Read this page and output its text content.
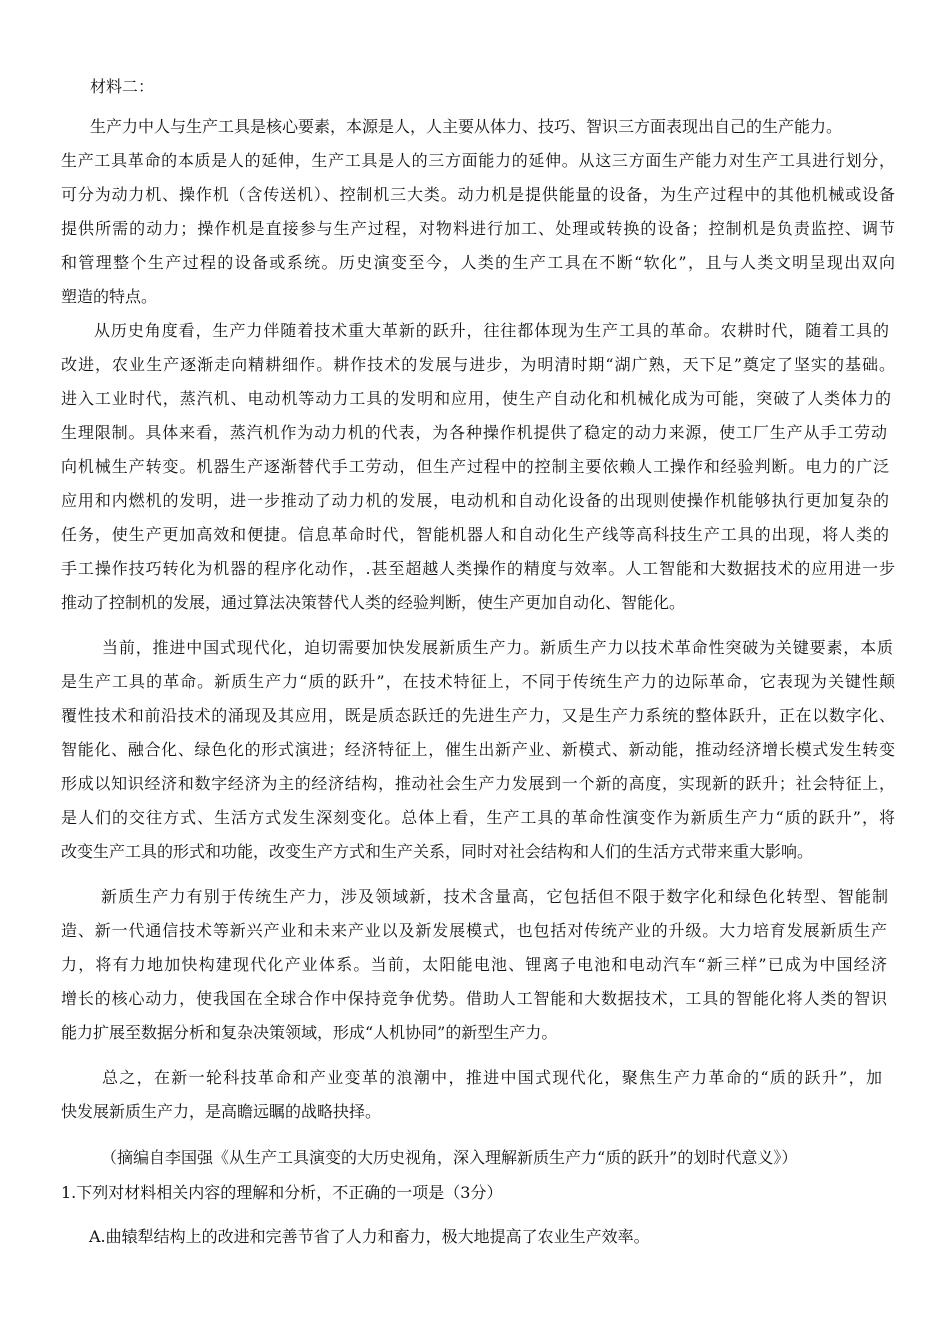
材料二：
生产力中人与生产工具是核心要素，本源是人，人主要从体力、技巧、智识三方面表现出自己的生产能力。
生产工具革命的本质是人的延伸，生产工具是人的三方面能力的延伸。从这三方面生产能力对生产工具进行划分，
可分为动力机、操作机（含传送机）、控制机三大类。动力机是提供能量的设备，为生产过程中的其他机械或设备
提供所需的动力；操作机是直接参与生产过程，对物料进行加工、处理或转换的设备；控制机是负责监控、调节
和管理整个生产过程的设备或系统。历史演变至今，人类的生产工具在不断“软化”，且与人类文明呈现出双向
塑造的特点。
从历史角度看，生产力伴随着技术重大革新的跃升，往往都体现为生产工具的革命。农耕时代，随着工具的
改进，农业生产逐渐走向精耕细作。耕作技术的发展与进步，为明清时期“湖广熟，天下足”奠定了坚实的基础。
进入工业时代，蒸汽机、电动机等动力工具的发明和应用，使生产自动化和机械化成为可能，突破了人类体力的
生理限制。具体来看，蒸汽机作为动力机的代表，为各种操作机提供了稳定的动力来源，使工厂生产从手工劳动
向机械生产转变。机器生产逐渐替代手工劳动，但生产过程中的控制主要依赖人工操作和经验判断。电力的广泛
应用和内燃机的发明，进一步推动了动力机的发展，电动机和自动化设备的出现则使操作机能够执行更加复杂的
任务，使生产更加高效和便捷。信息革命时代，智能机器人和自动化生产线等高科技生产工具的出现，将人类的
手工操作技巧转化为机器的程序化动作，.甚至超越人类操作的精度与效率。人工智能和大数据技术的应用进一步
推动了控制机的发展，通过算法决策替代人类的经验判断，使生产更加自动化、智能化。
当前，推进中国式现代化，迫切需要加快发展新质生产力。新质生产力以技术革命性突破为关键要素，本质
是生产工具的革命。新质生产力“质的跃升”，在技术特征上，不同于传统生产力的边际革命，它表现为关键性颠
覆性技术和前沿技术的涌现及其应用，既是质态跃迁的先进生产力，又是生产力系统的整体跃升，正在以数字化、
智能化、融合化、绿色化的形式演进；经济特征上，催生出新产业、新模式、新动能，推动经济增长模式发生转变
形成以知识经济和数字经济为主的经济结构，推动社会生产力发展到一个新的高度，实现新的跃升；社会特征上，
是人们的交往方式、生活方式发生深刻变化。总体上看，生产工具的革命性演变作为新质生产力“质的跃升”，将
改变生产工具的形式和功能，改变生产方式和生产关系，同时对社会结构和人们的生活方式带来重大影响。
新质生产力有别于传统生产力，涉及领域新，技术含量高，它包括但不限于数字化和绿色化转型、智能制
造、新一代通信技术等新兴产业和未来产业以及新发展模式，也包括对传统产业的升级。大力培育发展新质生产
力，将有力地加快构建现代化产业体系。当前，太阳能电池、锂离子电池和电动汽车“新三样”已成为中国经济
增长的核心动力，使我国在全球合作中保持竞争优势。借助人工智能和大数据技术，工具的智能化将人类的智识
能力扩展至数据分析和复杂决策领域，形成“人机协同”的新型生产力。
总之，在新一轮科技革命和产业变革的浪潮中，推进中国式现代化，聚焦生产力革命的“质的跃升”，加
快发展新质生产力，是高瞻远瞩的战略抉择。
（摘编自李国强《从生产工具演变的大历史视角，深入理解新质生产力“质的跃升”的划时代意义》）
1.下列对材料相关内容的理解和分析，不正确的一项是（3分）
A.曲辕犁结构上的改进和完善节省了人力和畜力，极大地提高了农业生产效率。
